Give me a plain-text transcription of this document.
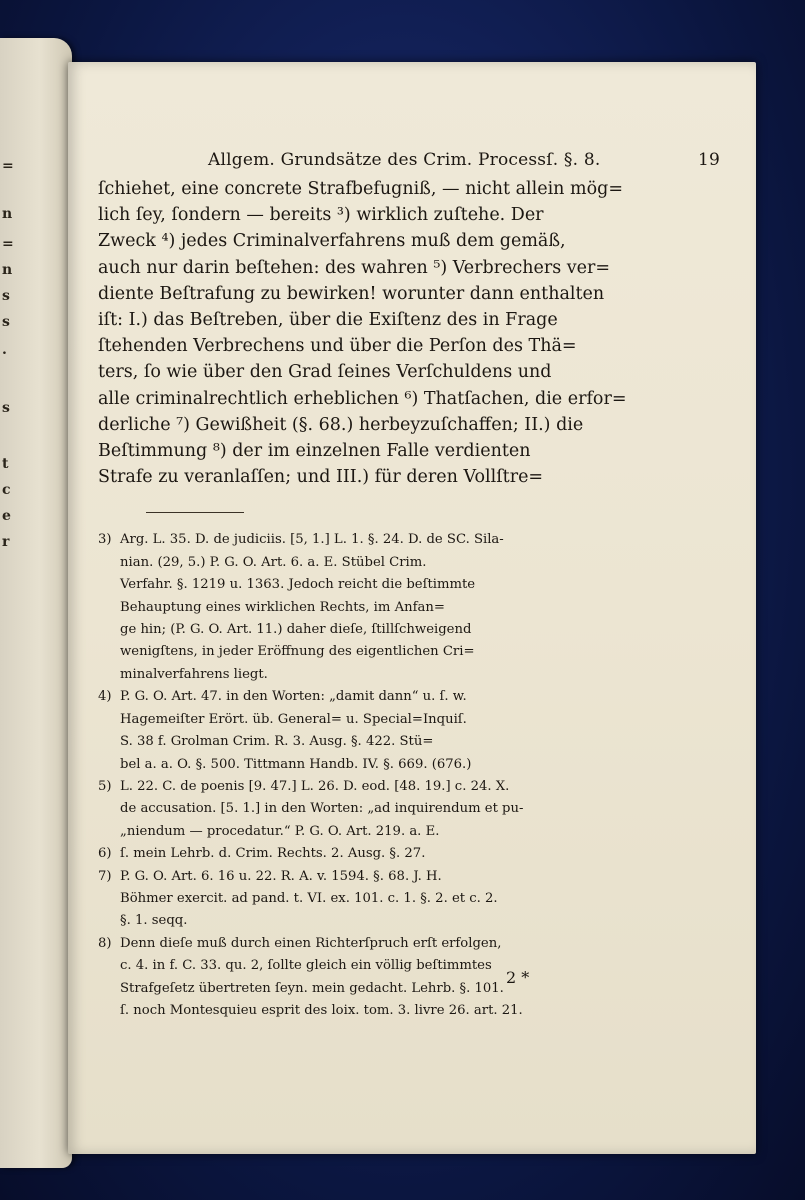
=
n
=
n
s
s
.
s
t
c
e
r
Allgem. Grundsätze des Crim. Processſ. §. 8.	19

ſchiehet, eine concrete Strafbefugniß, — nicht allein mög=

lich ſey, ſondern — bereits ³) wirklich zuſtehe. Der

Zweck ⁴) jedes Criminalverfahrens muß dem gemäß,

auch nur darin beſtehen: des wahren ⁵) Verbrechers ver=

diente Beſtrafung zu bewirken! worunter dann enthalten

iſt: I.) das Beſtreben, über die Exiſtenz des in Frage

ſtehenden Verbrechens und über die Perſon des Thä=

ters, ſo wie über den Grad ſeines Verſchuldens und

alle criminalrechtlich erheblichen ⁶) Thatſachen, die erfor=

derliche ⁷) Gewißheit (§. 68.) herbeyzuſchaffen; II.) die

Beſtimmung ⁸) der im einzelnen Falle verdienten

Strafe zu veranlaſſen; und III.) für deren Vollſtre=

3) Arg. L. 35. D. de judiciis. [5, 1.] L. 1. §. 24. D. de SC. Sila-
nian. (29, 5.) P. G. O. Art. 6. a. E. Stübel Crim.
Verfahr. §. 1219 u. 1363. Jedoch reicht die beſtimmte
Behauptung eines wirklichen Rechts, im Anfan=
ge hin; (P. G. O. Art. 11.) daher dieſe, ſtillſchweigend
wenigſtens, in jeder Eröffnung des eigentlichen Cri=
minalverfahrens liegt.
4) P. G. O. Art. 47. in den Worten: „damit dann“ u. ſ. w.
Hagemeiſter Erört. üb. General= u. Special=Inquiſ.
S. 38 f. Grolman Crim. R. 3. Ausg. §. 422. Stü=
bel a. a. O. §. 500. Tittmann Handb. IV. §. 669. (676.)
5) L. 22. C. de poenis [9. 47.] L. 26. D. eod. [48. 19.] c. 24. X.
de accusation. [5. 1.] in den Worten: „ad inquirendum et pu-
„niendum — procedatur.“ P. G. O. Art. 219. a. E.
6) ſ. mein Lehrb. d. Crim. Rechts. 2. Ausg. §. 27.
7) P. G. O. Art. 6. 16 u. 22. R. A. v. 1594. §. 68. J. H.
Böhmer exercit. ad pand. t. VI. ex. 101. c. 1. §. 2. et c. 2.
§. 1. seqq.
8) Denn dieſe muß durch einen Richterſpruch erſt erfolgen,
c. 4. in f. C. 33. qu. 2, ſollte gleich ein völlig beſtimmtes
Strafgeſetz übertreten ſeyn. mein gedacht. Lehrb. §. 101.
ſ. noch Montesquieu esprit des loix. tom. 3. livre 26. art. 21.
2 *
